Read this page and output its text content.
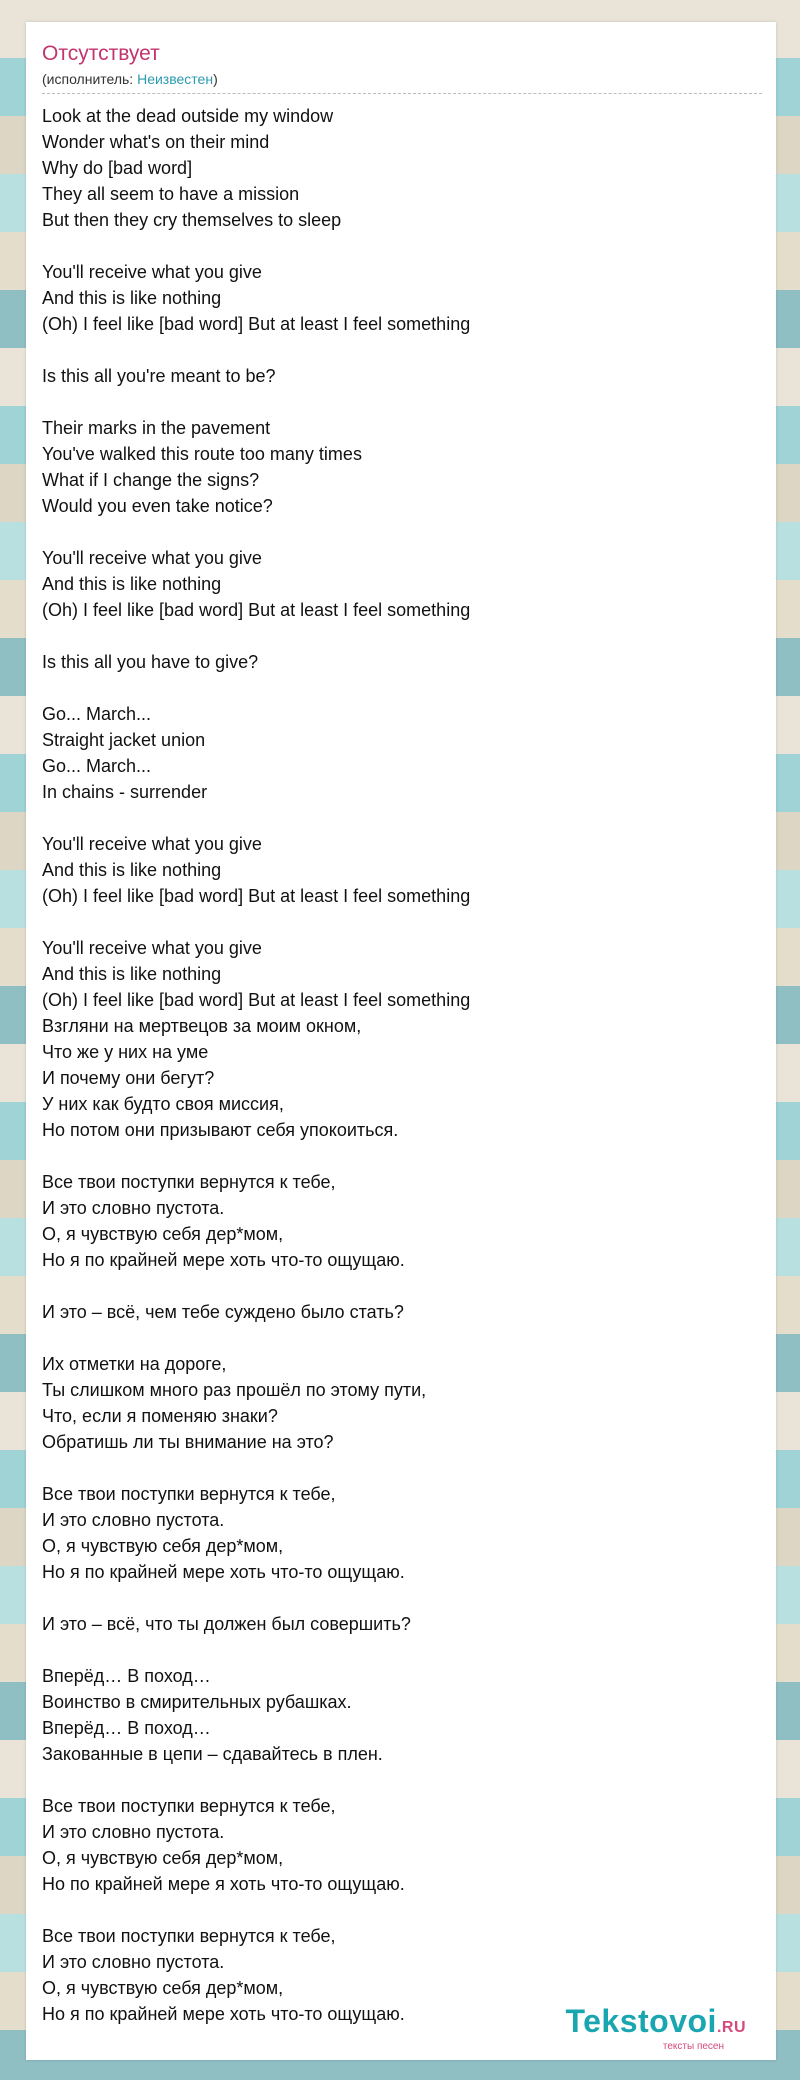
Отсутствует
(исполнитель: Неизвестен)
Look at the dead outside my window
Wonder what's on their mind
Why do [bad word]
They all seem to have a mission
But then they cry themselves to sleep
You'll receive what you give
And this is like nothing
(Oh) I feel like [bad word] But at least I feel something
Is this all you're meant to be?
Their marks in the pavement
You've walked this route too many times
What if I change the signs?
Would you even take notice?
You'll receive what you give
And this is like nothing
(Oh) I feel like [bad word] But at least I feel something
Is this all you have to give?
Go... March...
Straight jacket union
Go... March...
In chains - surrender
You'll receive what you give
And this is like nothing
(Oh) I feel like [bad word] But at least I feel something
You'll receive what you give
And this is like nothing
(Oh) I feel like [bad word] But at least I feel something
Взгляни на мертвецов за моим окном,
Что же у них на уме
И почему они бегут?
У них как будто своя миссия,
Но потом они призывают себя упокоиться.
Все твои поступки вернутся к тебе,
И это словно пустота.
О, я чувствую себя дер*мом,
Но я по крайней мере хоть что-то ощущаю.
И это – всё, чем тебе суждено было стать?
Их отметки на дороге,
Ты слишком много раз прошёл по этому пути,
Что, если я поменяю знаки?
Обратишь ли ты внимание на это?
Все твои поступки вернутся к тебе,
И это словно пустота.
О, я чувствую себя дер*мом,
Но я по крайней мере хоть что-то ощущаю.
И это – всё, что ты должен был совершить?
Вперёд… В поход…
Воинство в смирительных рубашках.
Вперёд… В поход…
Закованные в цепи – сдавайтесь в плен.
Все твои поступки вернутся к тебе,
И это словно пустота.
О, я чувствую себя дер*мом,
Но по крайней мере я хоть что-то ощущаю.
Все твои поступки вернутся к тебе,
И это словно пустота.
О, я чувствую себя дер*мом,
Но я по крайней мере хоть что-то ощущаю.	Tekstovoi.RU
тексты песен
